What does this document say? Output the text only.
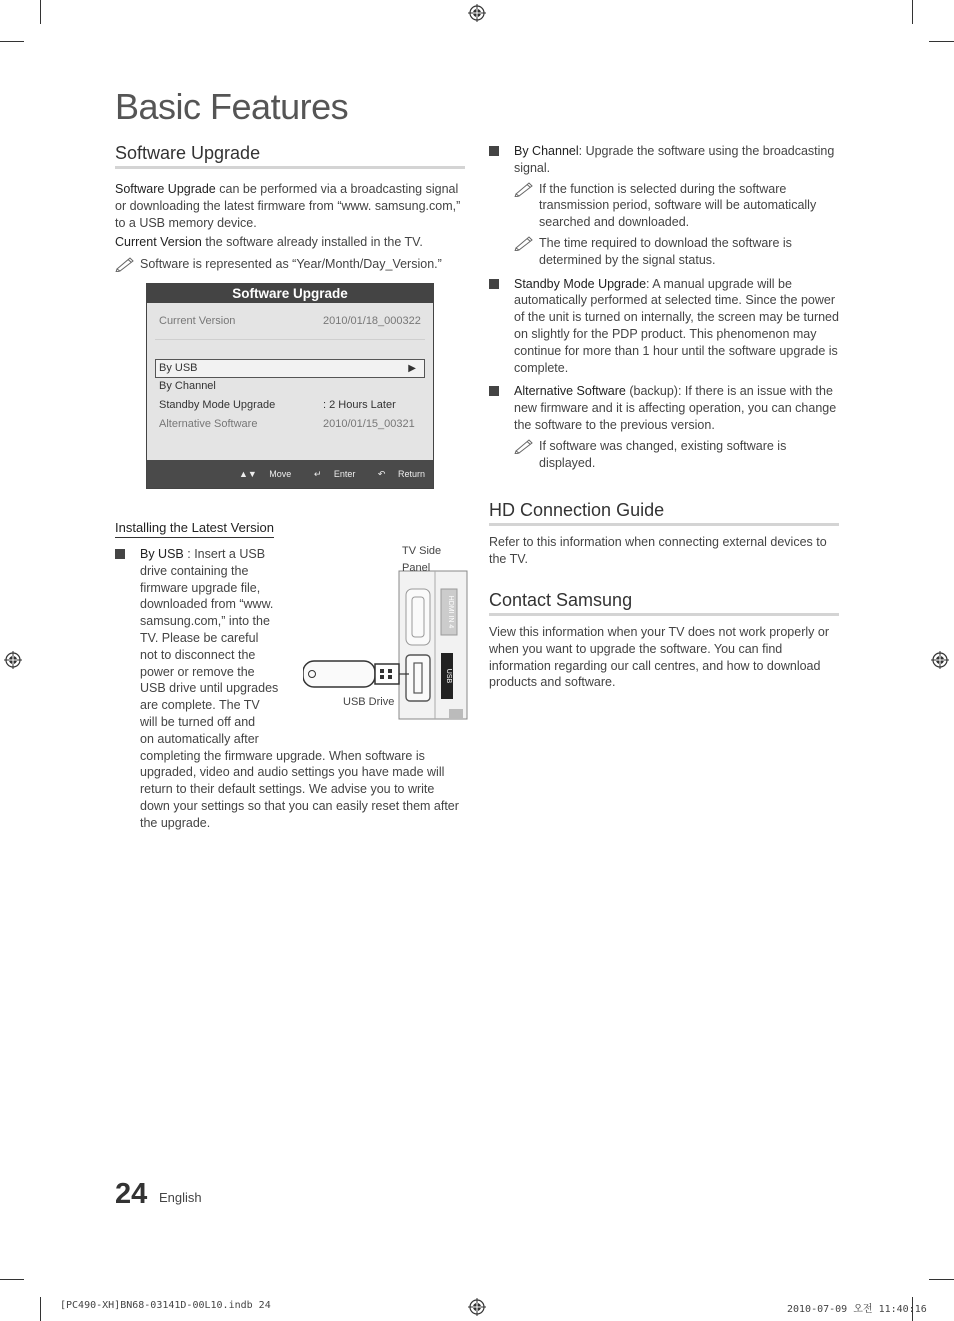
Basic Features
Software Upgrade

Software Upgrade can be performed via a broadcasting signal or downloading the latest firmware from “www. samsung.com,” to a USB memory device.

Current Version the software already installed in the TV.

Software is represented as “Year/Month/Day_Version.”
Software Upgrade
Current Version	2010/01/18_000322
By USB	▶
By Channel
Standby Mode Upgrade	: 2 Hours Later
Alternative Software	2010/01/15_00321
▲▼ Move	↵ Enter	↶ Return
Installing the Latest Version
By USB : Insert a USB
drive containing the
firmware upgrade file,
downloaded from “www.
samsung.com,” into the
TV. Please be careful
not to disconnect the
power or remove the
USB drive until upgrades
are complete. The TV
will be turned off and
on automatically after

completing the firmware upgrade. When software is upgraded, video and audio settings you have made will return to their default settings. We advise you to write down your settings so that you can easily reset them after the upgrade.

HDMI IN 4
USB
TV Side Panel
USB Drive

By Channel: Upgrade the software using the broadcasting signal.

If the function is selected during the software transmission period, software will be automatically searched and downloaded.
The time required to download the software is determined by the signal status.

Standby Mode Upgrade: A manual upgrade will be automatically performed at selected time. Since the power of the unit is turned on internally, the screen may be turned on slightly for the PDP product. This phenomenon may continue for more than 1 hour until the software upgrade is complete.

Alternative Software (backup): If there is an issue with the new firmware and it is affecting operation, you can change the software to the previous version.

If software was changed, existing software is displayed.
HD Connection Guide

Refer to this information when connecting external devices to the TV.

Contact Samsung

View this information when your TV does not work properly or when you want to upgrade the software. You can find information regarding our call centres, and how to download products and software.

24 English
[PC490-XH]BN68-03141D-00L10.indb 24	2010-07-09 오전 11:40:16
